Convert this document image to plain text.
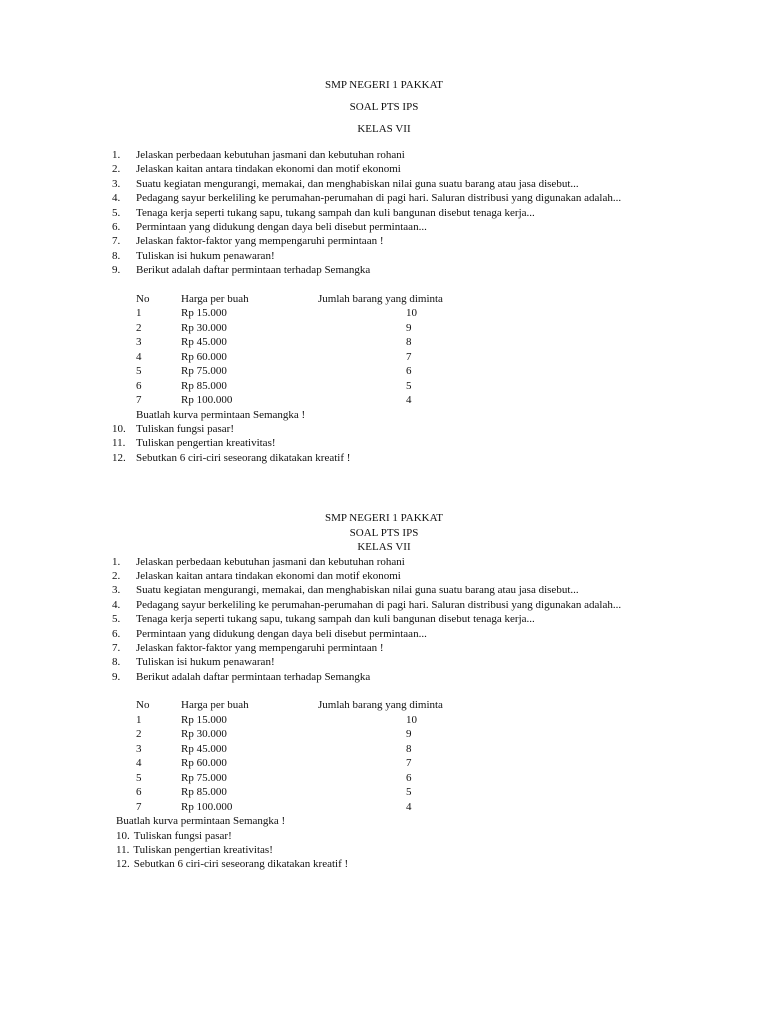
SMP NEGERI 1 PAKKAT
SOAL PTS IPS
KELAS VII
1.	Jelaskan perbedaan kebutuhan jasmani dan kebutuhan rohani
2.	Jelaskan kaitan antara tindakan ekonomi dan motif ekonomi
3.	Suatu kegiatan mengurangi, memakai, dan menghabiskan nilai guna suatu barang atau jasa disebut...
4.	Pedagang sayur berkeliling ke perumahan-perumahan di pagi hari. Saluran distribusi yang digunakan adalah...
5.	Tenaga kerja seperti tukang sapu, tukang sampah dan kuli bangunan disebut tenaga kerja...
6.	Permintaan yang didukung dengan daya beli disebut permintaan...
7.	Jelaskan faktor-faktor yang mempengaruhi permintaan !
8.	Tuliskan isi hukum penawaran!
9.	Berikut adalah daftar permintaan terhadap Semangka
No	Harga per buah	Jumlah barang yang diminta
1	Rp 15.000	10
2	Rp 30.000	9
3	Rp 45.000	8
4	Rp 60.000	7
5	Rp 75.000	6
6	Rp 85.000	5
7	Rp 100.000	4
Buatlah kurva permintaan Semangka !
10. Tuliskan fungsi pasar!
11. Tuliskan pengertian kreativitas!
12. Sebutkan 6 ciri-ciri seseorang dikatakan kreatif !
SMP NEGERI 1 PAKKAT
SOAL PTS IPS
KELAS VII
1.	Jelaskan perbedaan kebutuhan jasmani dan kebutuhan rohani
2.	Jelaskan kaitan antara tindakan ekonomi dan motif ekonomi
3.	Suatu kegiatan mengurangi, memakai, dan menghabiskan nilai guna suatu barang atau jasa disebut...
4.	Pedagang sayur berkeliling ke perumahan-perumahan di pagi hari. Saluran distribusi yang digunakan adalah...
5.	Tenaga kerja seperti tukang sapu, tukang sampah dan kuli bangunan disebut tenaga kerja...
6.	Permintaan yang didukung dengan daya beli disebut permintaan...
7.	Jelaskan faktor-faktor yang mempengaruhi permintaan !
8.	Tuliskan isi hukum penawaran!
9.	Berikut adalah daftar permintaan terhadap Semangka
No	Harga per buah	Jumlah barang yang diminta
1	Rp 15.000	10
2	Rp 30.000	9
3	Rp 45.000	8
4	Rp 60.000	7
5	Rp 75.000	6
6	Rp 85.000	5
7	Rp 100.000	4
Buatlah kurva permintaan Semangka !
10. Tuliskan fungsi pasar!
11. Tuliskan pengertian kreativitas!
12. Sebutkan 6 ciri-ciri seseorang dikatakan kreatif !
